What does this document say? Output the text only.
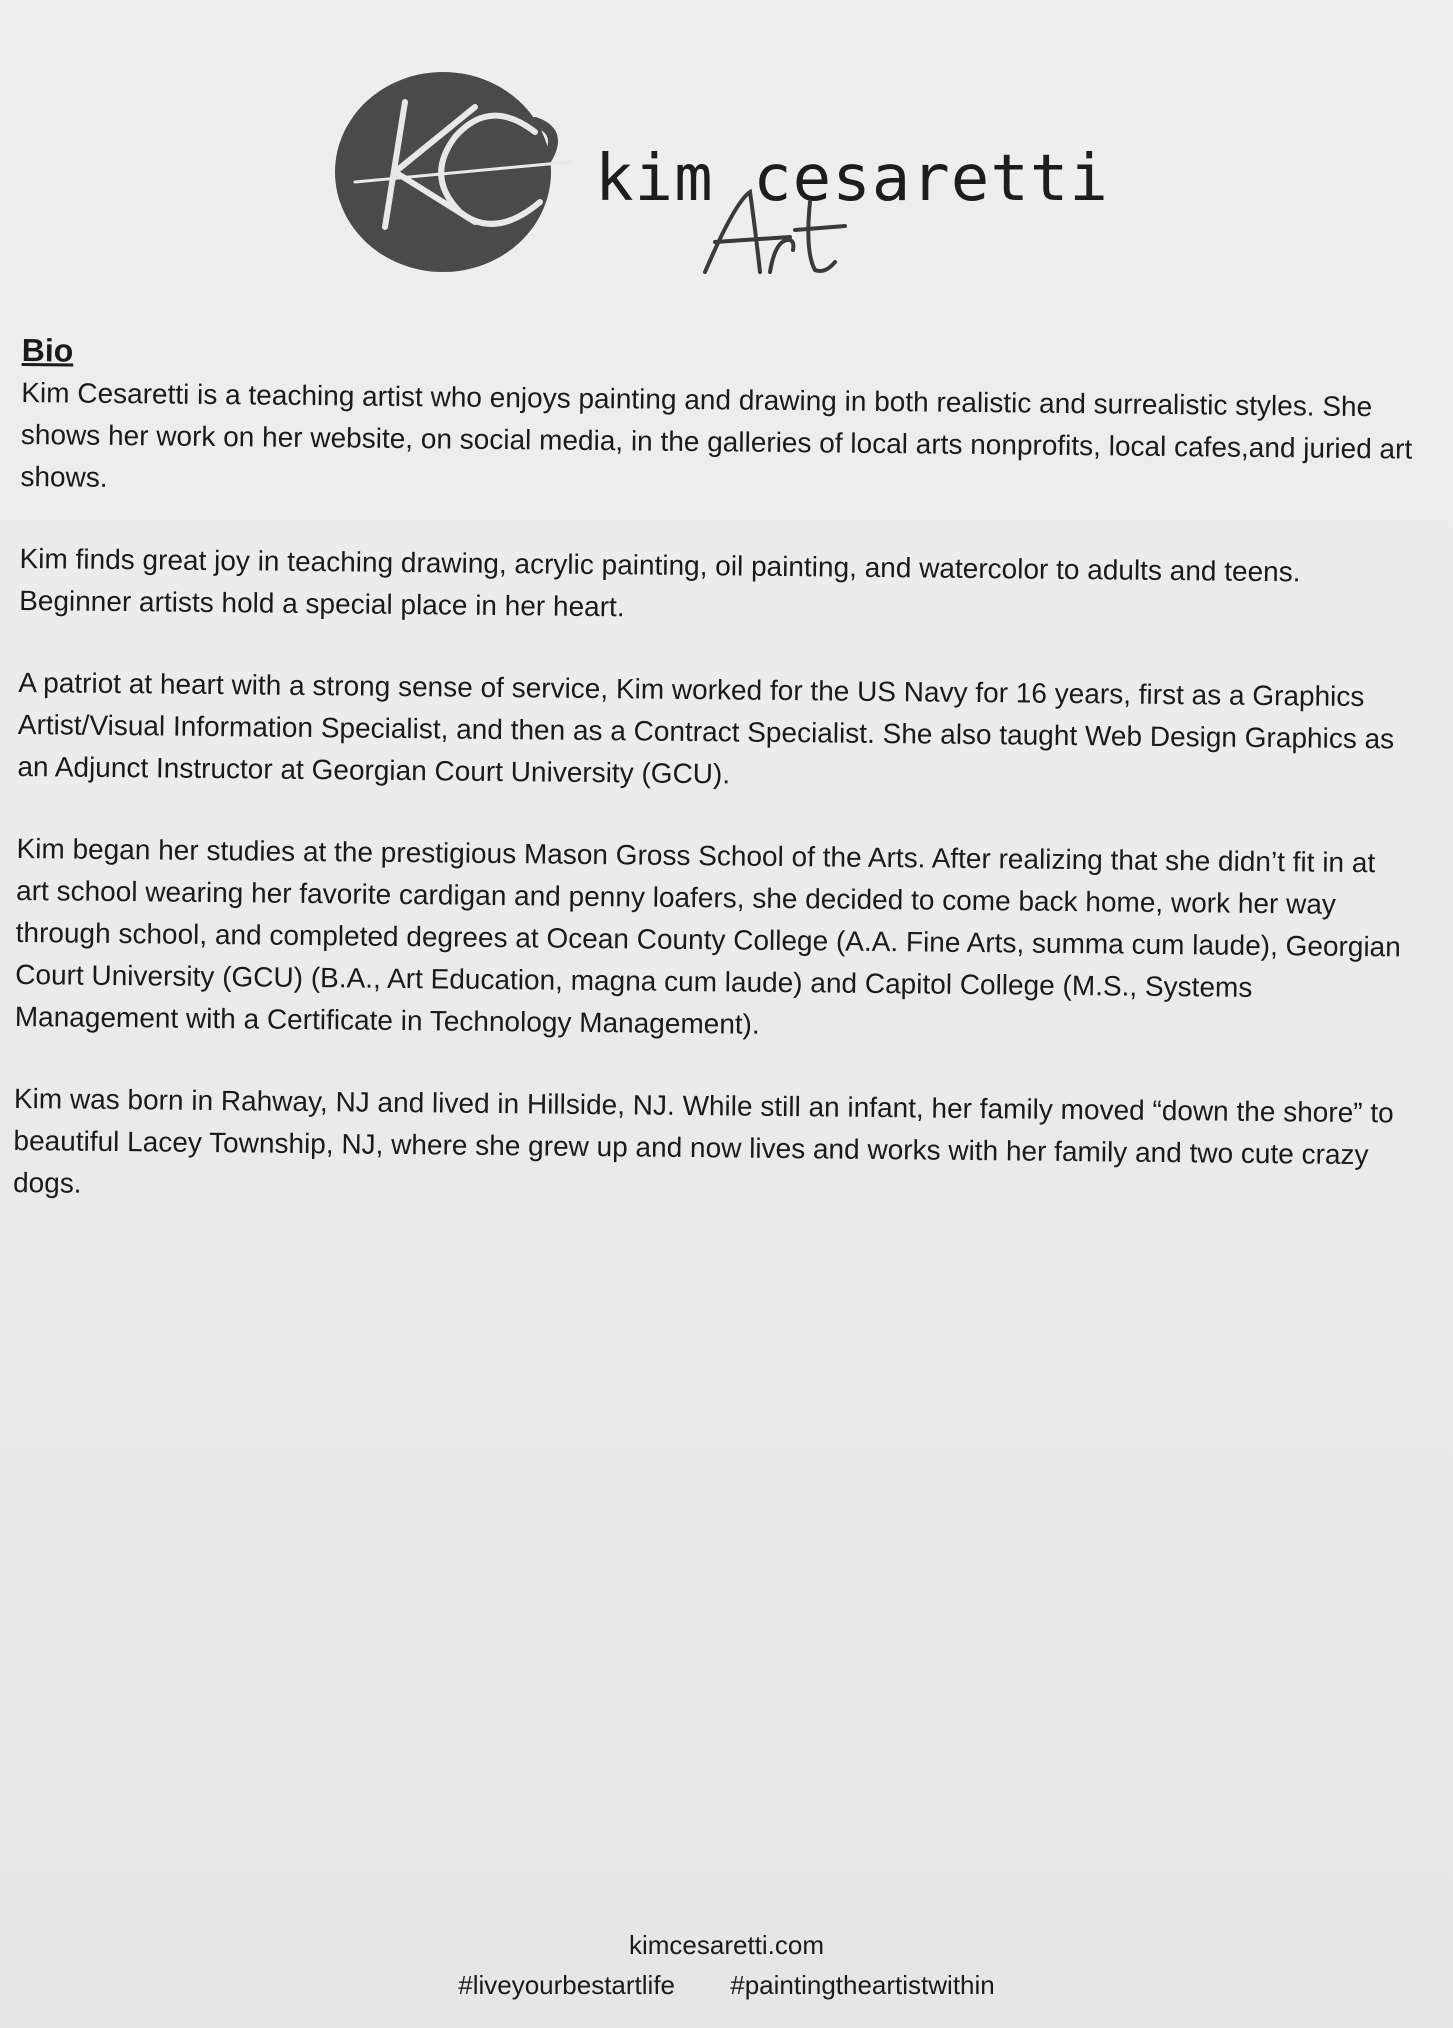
kim cesaretti
Bio

Kim Cesaretti is a teaching artist who enjoys painting and drawing in both realistic and surrealistic styles. She shows her work on her website, on social media, in the galleries of local arts nonprofits, local cafes,and juried art shows.

Kim finds great joy in teaching drawing, acrylic painting, oil painting, and watercolor to adults and teens. Beginner artists hold a special place in her heart.

A patriot at heart with a strong sense of service, Kim worked for the US Navy for 16 years, first as a Graphics Artist/Visual Information Specialist, and then as a Contract Specialist. She also taught Web Design Graphics as an Adjunct Instructor at Georgian Court University (GCU).

Kim began her studies at the prestigious Mason Gross School of the Arts. After realizing that she didn’t fit in at art school wearing her favorite cardigan and penny loafers, she decided to come back home, work her way through school, and completed degrees at Ocean County College (A.A. Fine Arts, summa cum laude), Georgian Court University (GCU) (B.A., Art Education, magna cum laude) and Capitol College (M.S., Systems Management with a Certificate in Technology Management).

Kim was born in Rahway, NJ and lived in Hillside, NJ. While still an infant, her family moved “down the shore” to beautiful Lacey Township, NJ, where she grew up and now lives and works with her family and two cute crazy dogs.

kimcesaretti.com
#liveyourbestartlife #paintingtheartistwithin
